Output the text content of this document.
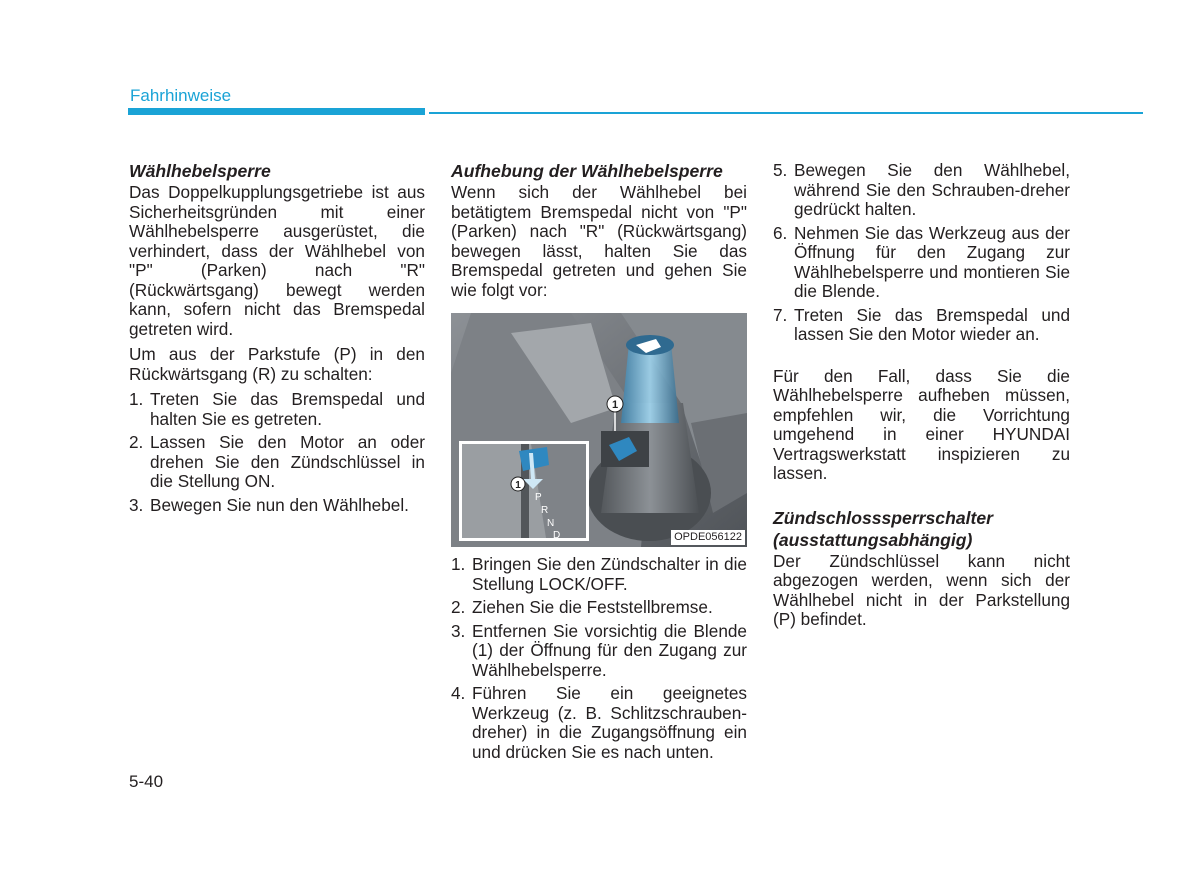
Fahrhinweise
Wählhebelsperre

Das Doppelkupplungsgetriebe ist aus Sicherheitsgründen mit einer Wählhebelsperre ausgerüstet, die verhindert, dass der Wählhebel von "P" (Parken) nach "R" (Rückwärtsgang) bewegt werden kann, sofern nicht das Bremspedal getreten wird.

Um aus der Parkstufe (P) in den Rückwärtsgang (R) zu schalten:

1. Treten Sie das Bremspedal und halten Sie es getreten.
2. Lassen Sie den Motor an oder drehen Sie den Zündschlüssel in die Stellung ON.
3. Bewegen Sie nun den Wählhebel.
Aufhebung der Wählhebelsperre

Wenn sich der Wählhebel bei betätigtem Bremspedal nicht von "P" (Parken) nach "R" (Rückwärtsgang) bewegen lässt, halten Sie das Bremspedal getreten und gehen Sie wie folgt vor:

1
P
R
N
D
1
OPDE056122
1. Bringen Sie den Zündschalter in die Stellung LOCK/OFF.
2. Ziehen Sie die Feststellbremse.
3. Entfernen Sie vorsichtig die Blende (1) der Öffnung für den Zugang zur Wählhebelsperre.
4. Führen Sie ein geeignetes Werkzeug (z. B. Schlitzschrauben-dreher) in die Zugangsöffnung ein und drücken Sie es nach unten.
5. Bewegen Sie den Wählhebel, während Sie den Schrauben-dreher gedrückt halten.
6. Nehmen Sie das Werkzeug aus der Öffnung für den Zugang zur Wählhebelsperre und montieren Sie die Blende.
7. Treten Sie das Bremspedal und lassen Sie den Motor wieder an.

Für den Fall, dass Sie die Wählhebelsperre aufheben müssen, empfehlen wir, die Vorrichtung umgehend in einer HYUNDAI Vertragswerkstatt inspizieren zu lassen.

Zündschlosssperrschalter
(ausstattungsabhängig)

Der Zündschlüssel kann nicht abgezogen werden, wenn sich der Wählhebel nicht in der Parkstellung (P) befindet.

5-40
